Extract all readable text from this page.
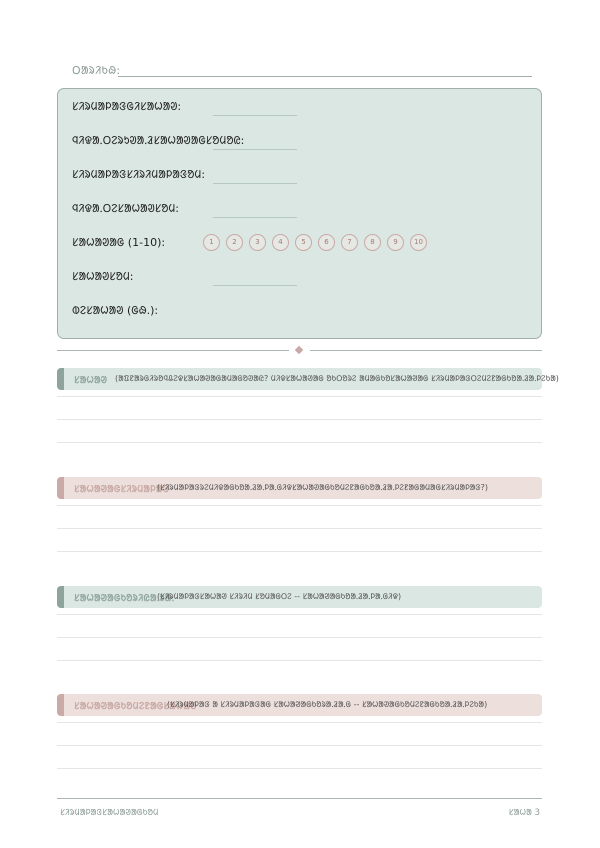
ᱛᱟᱨᱤᱠᱷ:
ᱥᱤᱨᱢᱟᱞᱟᱝᱜᱤᱥᱟᱦᱟᱣ:
ᱧᱤᱫᱟᱹᱛᱮᱨᱩᱣᱟᱹᱲᱥᱟᱦᱟᱣᱟᱜᱥᱚᱢᱚᱭ:
ᱥᱤᱨᱢᱟᱞᱟᱝᱥᱤᱨᱤᱢᱟᱞᱟᱝᱚᱢ:
ᱧᱤᱫᱟᱹᱛᱮᱥᱟᱦᱟᱣᱥᱚᱢ:
ᱥᱟᱦᱟᱣᱟᱜ (1-10):	1	2	3	4	5	6	7	8	9	10
ᱥᱟᱦᱟᱣᱥᱚᱢ:
ᱵᱮᱥᱟᱦᱟᱣ (ᱜᱷ.):
ᱥᱟᱦᱟᱣ (ᱟᱯᱱᱟᱨᱜᱤᱨᱚᱧᱪᱮᱫᱥᱟᱦᱟᱣᱟᱜᱟᱢᱟᱜᱚᱣᱟᱭ? ᱢᱤᱫᱥᱟᱦᱟᱣᱟᱜ ᱚᱠᱛᱚᱨᱮ ᱟᱢᱟᱜᱠᱚᱥᱟᱦᱟᱣᱟᱜ ᱥᱤᱨᱢᱟᱞᱟᱝᱛᱮᱢᱮᱱᱟᱜᱠᱚᱟᱹᱲᱟᱹᱞᱮᱠᱟ)
ᱥᱟᱦᱟᱣᱟᱜᱥᱤᱨᱢᱟᱞᱟᱝ
(ᱥᱤᱨᱢᱟᱞᱟᱝᱨᱮᱢᱤᱫᱟᱜᱠᱚᱟᱹᱲᱟᱹᱞᱟᱹᱜᱤᱫᱥᱟᱦᱟᱣᱟᱜᱠᱚᱢᱮᱱᱟᱜᱠᱚᱟᱹᱲᱟᱹᱞᱮᱱᱟᱜᱟᱢᱟᱜᱥᱤᱨᱢᱟᱞᱟᱝ?)
ᱥᱟᱦᱟᱣᱟᱜᱠᱚᱨᱤᱭᱟᱹᱨᱟᱹ
(ᱥᱤᱨᱢᱟᱞᱟᱝᱥᱟᱦᱟᱣ ᱥᱤᱨᱤᱢ ᱥᱚᱢᱟᱜᱛᱮ -- ᱥᱟᱦᱟᱣᱟᱜᱠᱚᱟᱹᱲᱟᱹᱞᱟᱹᱜᱤᱫ)
ᱥᱟᱦᱟᱣᱟᱜᱠᱚᱢᱮᱱᱟᱜᱥᱟᱦᱟᱣ
(ᱥᱤᱨᱢᱟᱞᱟᱝ ᱟ ᱥᱤᱨᱢᱟᱞᱟᱝᱟᱜ ᱥᱟᱦᱟᱣᱟᱜᱠᱚᱨᱟᱹᱲᱟᱹᱜ -- ᱥᱟᱦᱟᱣᱟᱜᱠᱚᱢᱮᱱᱟᱜᱠᱚᱟᱹᱲᱟᱹᱞᱮᱠᱟ)
ᱥᱤᱨᱢᱟᱞᱟᱝᱥᱟᱦᱟᱣᱟᱜᱠᱚᱢ	ᱥᱟᱦᱟ 3
